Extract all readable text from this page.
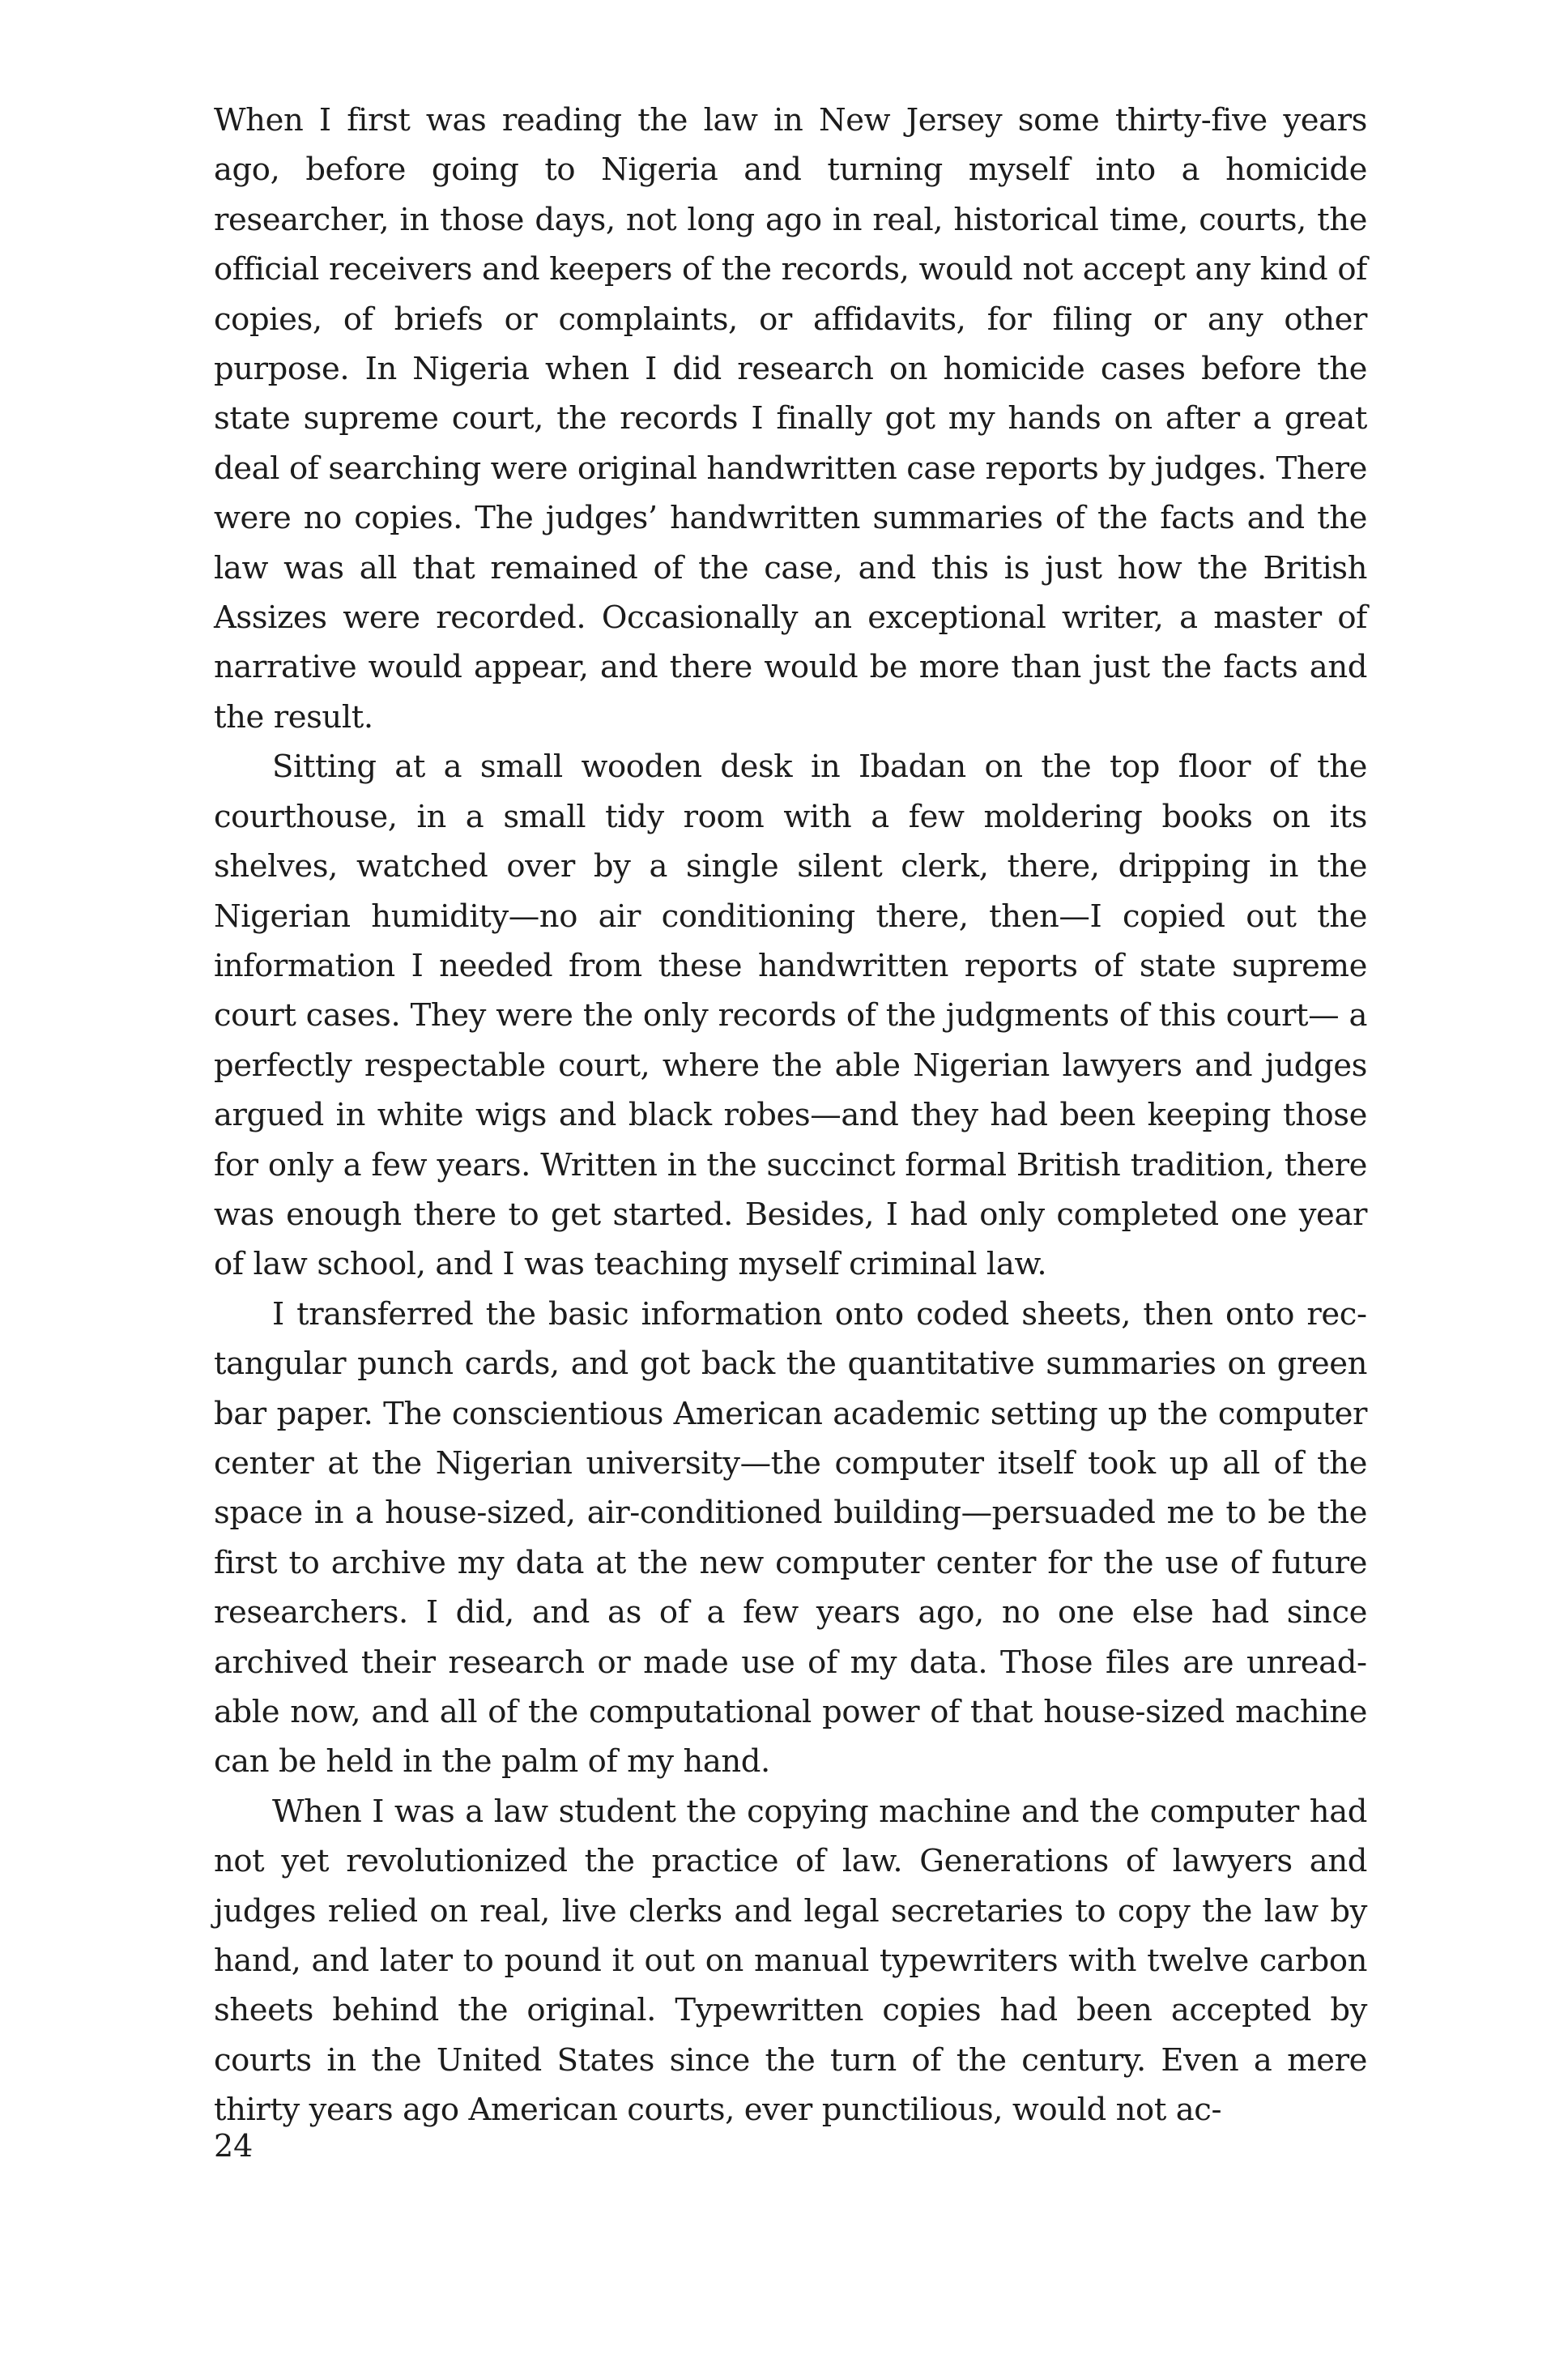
When I first was reading the law in New Jersey some thirty-five years ago, before going to Nigeria and turning myself into a homicide researcher, in those days, not long ago in real, historical time, courts, the official receivers and keepers of the records, would not accept any kind of copies, of briefs or complaints, or affidavits, for filing or any other purpose. In Nigeria when I did research on homicide cases before the state supreme court, the records I finally got my hands on after a great deal of searching were original handwritten case reports by judges. There were no copies. The judges’ handwritten summaries of the facts and the law was all that remained of the case, and this is just how the British Assizes were recorded. Occasionally an exceptional writer, a master of narrative would appear, and there would be more than just the facts and the result.

Sitting at a small wooden desk in Ibadan on the top floor of the courthouse, in a small tidy room with a few moldering books on its shelves, watched over by a single silent clerk, there, dripping in the Nigerian humidity—no air conditioning there, then—I copied out the information I needed from these handwritten reports of state supreme court cases. They were the only records of the judgments of this court— a perfectly respectable court, where the able Nigerian lawyers and judges argued in white wigs and black robes—and they had been keeping those for only a few years. Written in the succinct formal British tradition, there was enough there to get started. Besides, I had only completed one year of law school, and I was teaching myself criminal law.

I transferred the basic information onto coded sheets, then onto rectangular punch cards, and got back the quantitative summaries on green bar paper. The conscientious American academic setting up the computer center at the Nigerian university—the computer itself took up all of the space in a house-sized, air-conditioned building—persuaded me to be the first to archive my data at the new computer center for the use of future researchers. I did, and as of a few years ago, no one else had since archived their research or made use of my data. Those files are unreadable now, and all of the computational power of that house-sized machine can be held in the palm of my hand.

When I was a law student the copying machine and the computer had not yet revolutionized the practice of law. Generations of lawyers and judges relied on real, live clerks and legal secretaries to copy the law by hand, and later to pound it out on manual typewriters with twelve carbon sheets behind the original. Typewritten copies had been accepted by courts in the United States since the turn of the century. Even a mere thirty years ago American courts, ever punctilious, would not ac-

24
